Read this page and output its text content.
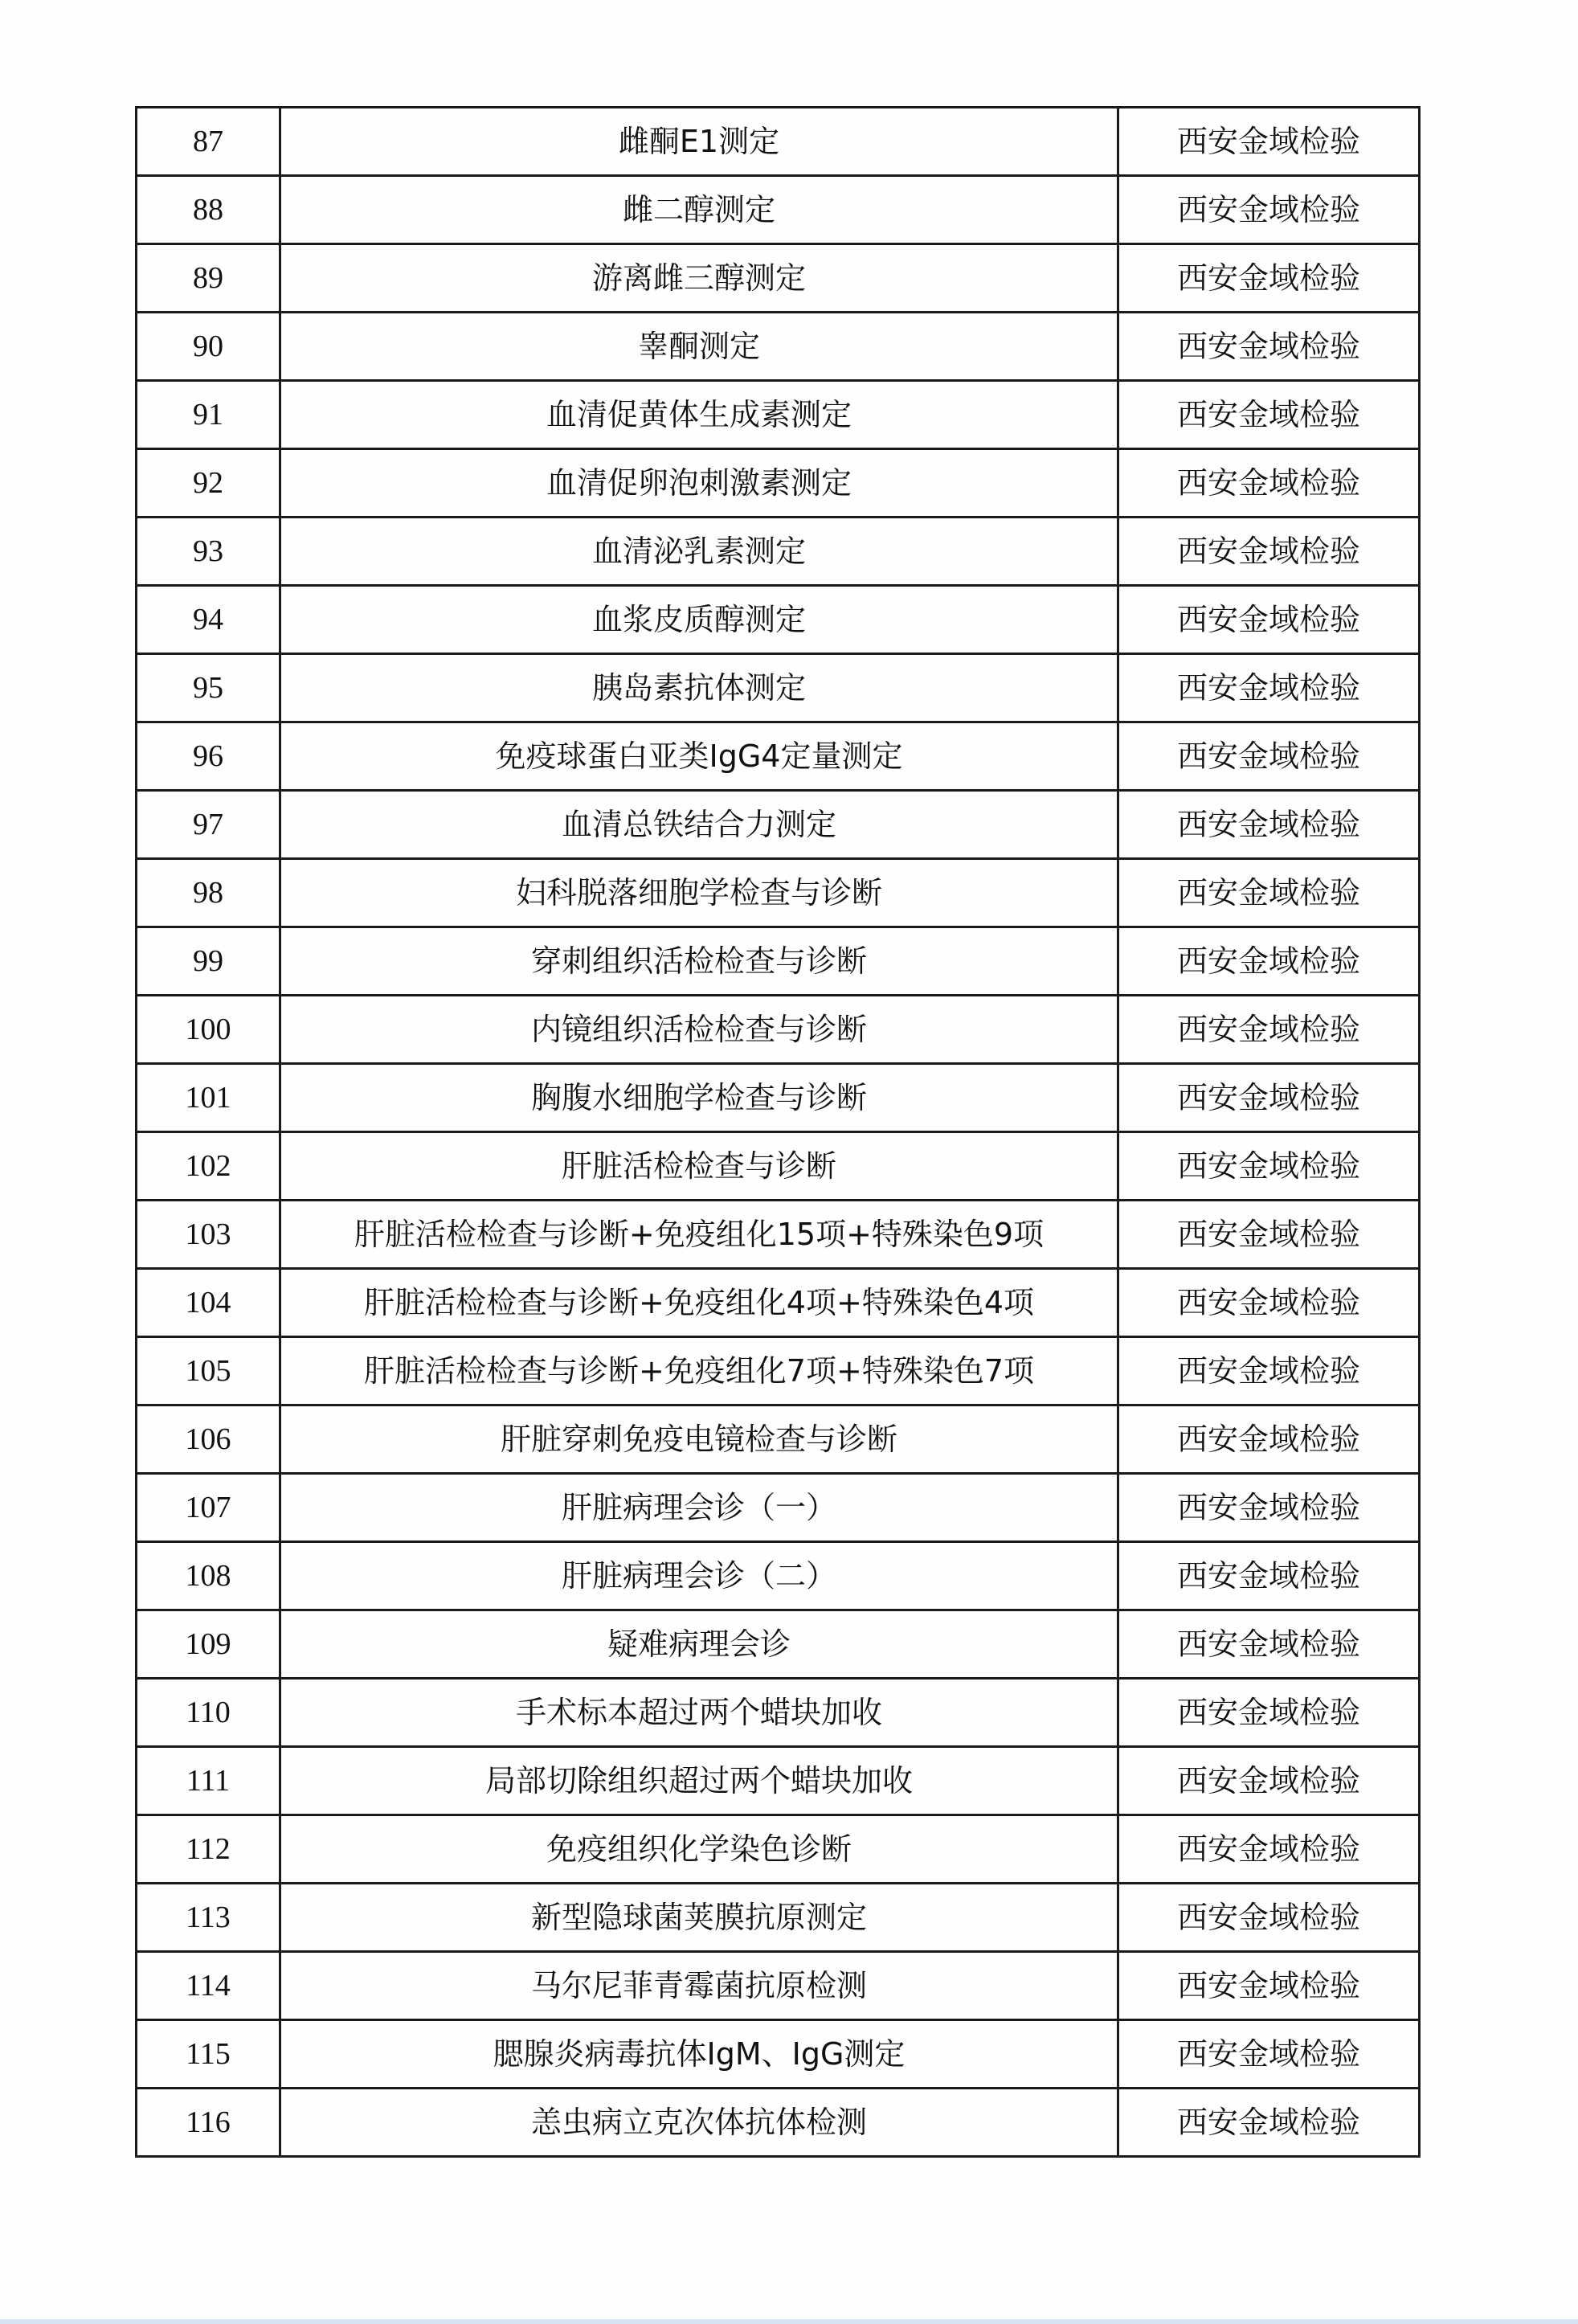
87	雌酮E1测定	西安金域检验
88	雌二醇测定	西安金域检验
89	游离雌三醇测定	西安金域检验
90	睾酮测定	西安金域检验
91	血清促黄体生成素测定	西安金域检验
92	血清促卵泡刺激素测定	西安金域检验
93	血清泌乳素测定	西安金域检验
94	血浆皮质醇测定	西安金域检验
95	胰岛素抗体测定	西安金域检验
96	免疫球蛋白亚类IgG4定量测定	西安金域检验
97	血清总铁结合力测定	西安金域检验
98	妇科脱落细胞学检查与诊断	西安金域检验
99	穿刺组织活检检查与诊断	西安金域检验
100	内镜组织活检检查与诊断	西安金域检验
101	胸腹水细胞学检查与诊断	西安金域检验
102	肝脏活检检查与诊断	西安金域检验
103	肝脏活检检查与诊断+免疫组化15项+特殊染色9项	西安金域检验
104	肝脏活检检查与诊断+免疫组化4项+特殊染色4项	西安金域检验
105	肝脏活检检查与诊断+免疫组化7项+特殊染色7项	西安金域检验
106	肝脏穿刺免疫电镜检查与诊断	西安金域检验
107	肝脏病理会诊（一）	西安金域检验
108	肝脏病理会诊（二）	西安金域检验
109	疑难病理会诊	西安金域检验
110	手术标本超过两个蜡块加收	西安金域检验
111	局部切除组织超过两个蜡块加收	西安金域检验
112	免疫组织化学染色诊断	西安金域检验
113	新型隐球菌荚膜抗原测定	西安金域检验
114	马尔尼菲青霉菌抗原检测	西安金域检验
115	腮腺炎病毒抗体IgM、IgG测定	西安金域检验
116	恙虫病立克次体抗体检测	西安金域检验
